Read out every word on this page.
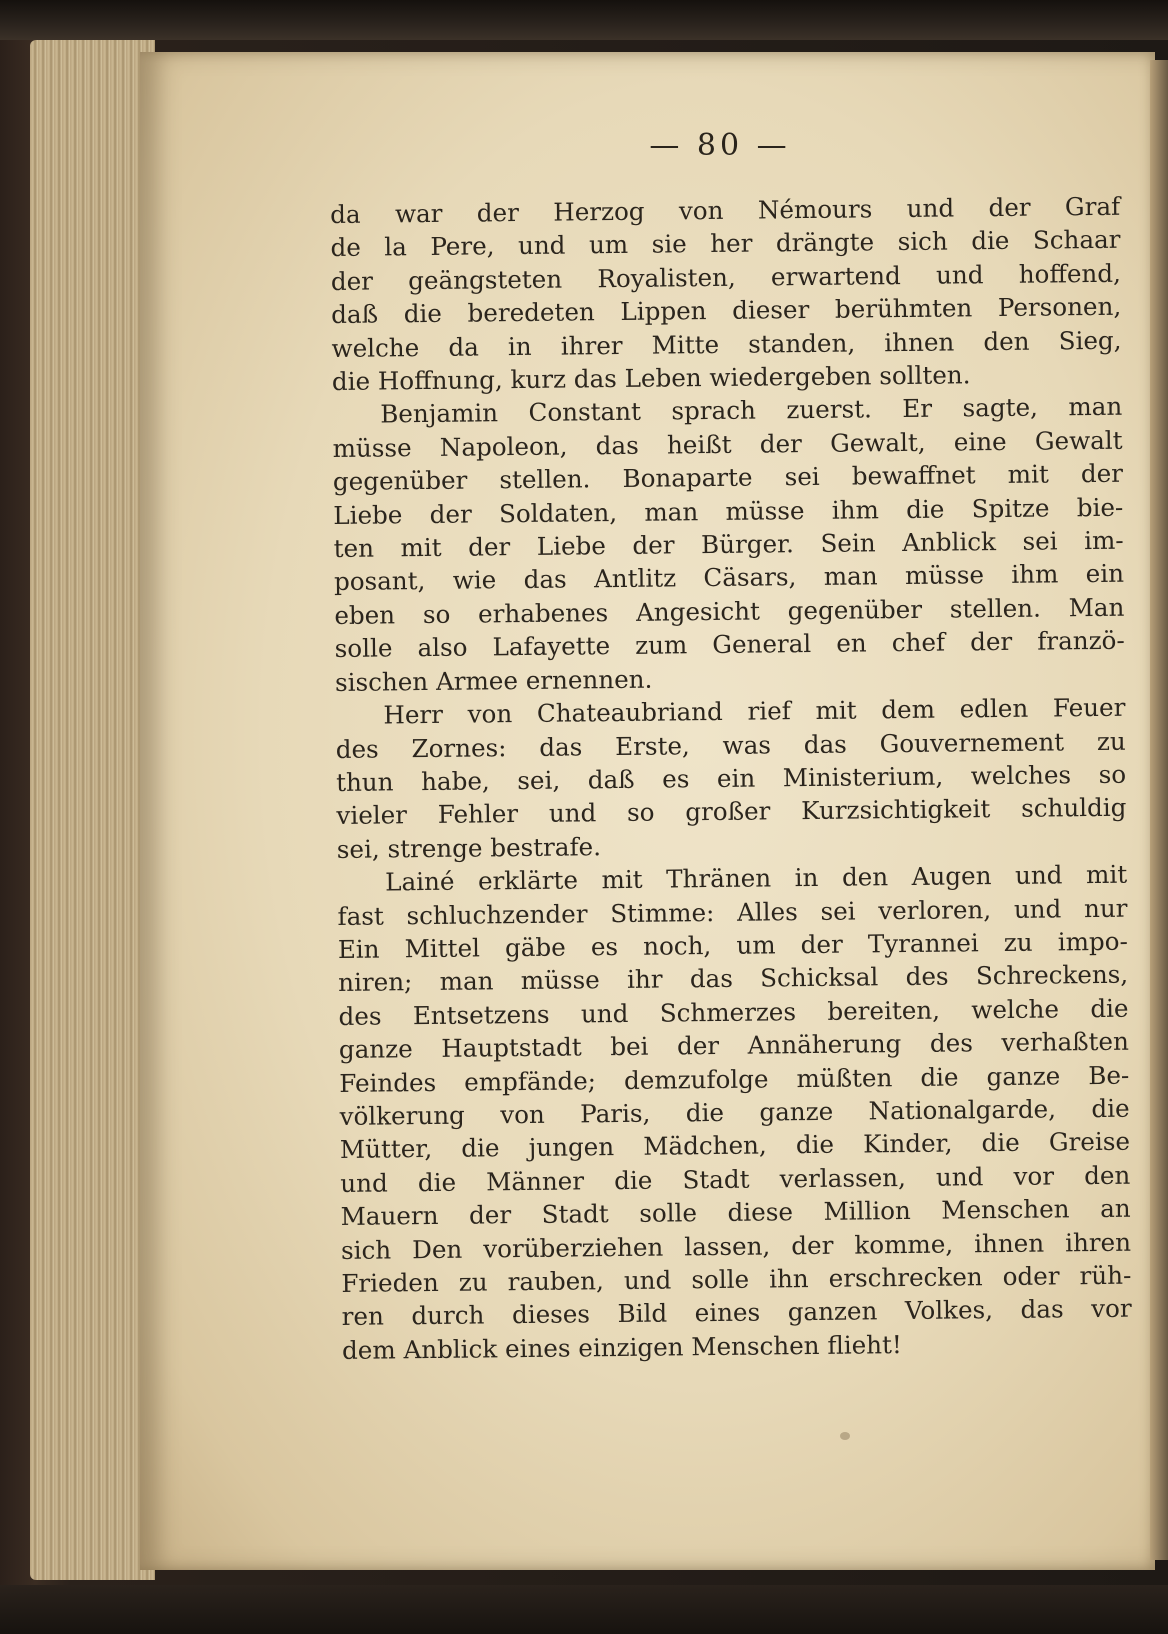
— 80 —
da war der Herzog von Némours und der Graf
de la Pere, und um sie her drängte sich die Schaar
der geängsteten Royalisten, erwartend und hoffend,
daß die beredeten Lippen dieser berühmten Personen,
welche da in ihrer Mitte standen, ihnen den Sieg,
die Hoffnung, kurz das Leben wiedergeben sollten.
Benjamin Constant sprach zuerst. Er sagte, man
müsse Napoleon, das heißt der Gewalt, eine Gewalt
gegenüber stellen. Bonaparte sei bewaffnet mit der
Liebe der Soldaten, man müsse ihm die Spitze bie-
ten mit der Liebe der Bürger. Sein Anblick sei im-
posant, wie das Antlitz Cäsars, man müsse ihm ein
eben so erhabenes Angesicht gegenüber stellen. Man
solle also Lafayette zum General en chef der franzö-
sischen Armee ernennen.
Herr von Chateaubriand rief mit dem edlen Feuer
des Zornes: das Erste, was das Gouvernement zu
thun habe, sei, daß es ein Ministerium, welches so
vieler Fehler und so großer Kurzsichtigkeit schuldig
sei, strenge bestrafe.
Lainé erklärte mit Thränen in den Augen und mit
fast schluchzender Stimme: Alles sei verloren, und nur
Ein Mittel gäbe es noch, um der Tyrannei zu impo-
niren; man müsse ihr das Schicksal des Schreckens,
des Entsetzens und Schmerzes bereiten, welche die
ganze Hauptstadt bei der Annäherung des verhaßten
Feindes empfände; demzufolge müßten die ganze Be-
völkerung von Paris, die ganze Nationalgarde, die
Mütter, die jungen Mädchen, die Kinder, die Greise
und die Männer die Stadt verlassen, und vor den
Mauern der Stadt solle diese Million Menschen an
sich Den vorüberziehen lassen, der komme, ihnen ihren
Frieden zu rauben, und solle ihn erschrecken oder rüh-
ren durch dieses Bild eines ganzen Volkes, das vor
dem Anblick eines einzigen Menschen flieht!
